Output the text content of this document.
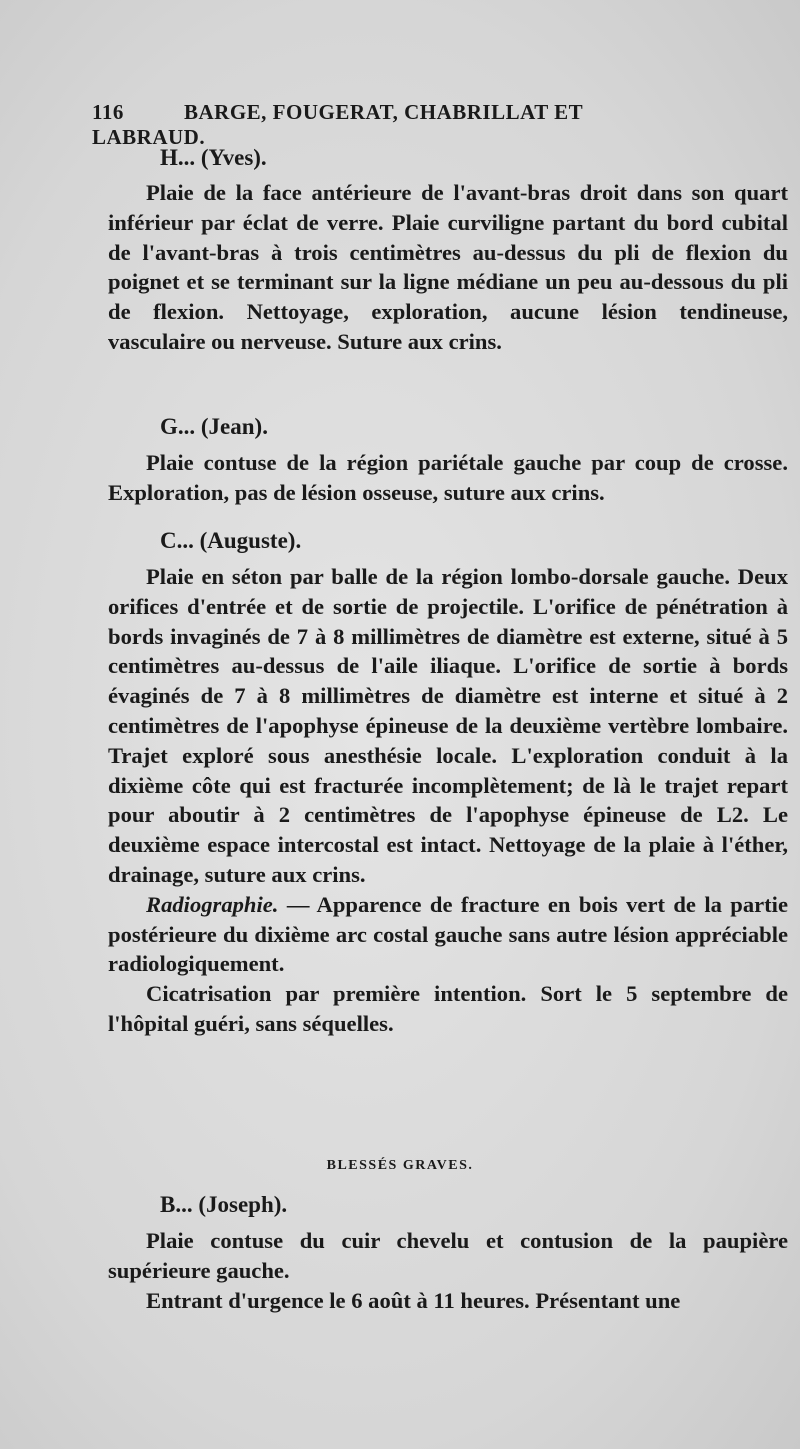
116	BARGE, FOUGERAT, CHABRILLAT ET LABRAUD.
H... (Yves).

Plaie de la face antérieure de l'avant-bras droit dans son quart inférieur par éclat de verre. Plaie curviligne partant du bord cubital de l'avant-bras à trois centimètres au-dessus du pli de flexion du poignet et se terminant sur la ligne médiane un peu au-dessous du pli de flexion. Nettoyage, exploration, aucune lésion tendineuse, vasculaire ou nerveuse. Suture aux crins.

G... (Jean).

Plaie contuse de la région pariétale gauche par coup de crosse. Exploration, pas de lésion osseuse, suture aux crins.

C... (Auguste).

Plaie en séton par balle de la région lombo-dorsale gauche. Deux orifices d'entrée et de sortie de projectile. L'orifice de pénétration à bords invaginés de 7 à 8 millimètres de diamètre est externe, situé à 5 centimètres au-dessus de l'aile iliaque. L'orifice de sortie à bords évaginés de 7 à 8 millimètres de diamètre est interne et situé à 2 centimètres de l'apophyse épineuse de la deuxième vertèbre lombaire. Trajet exploré sous anesthésie locale. L'exploration conduit à la dixième côte qui est fracturée incomplètement; de là le trajet repart pour aboutir à 2 centimètres de l'apophyse épineuse de L2. Le deuxième espace intercostal est intact. Nettoyage de la plaie à l'éther, drainage, suture aux crins.

Radiographie. — Apparence de fracture en bois vert de la partie postérieure du dixième arc costal gauche sans autre lésion appréciable radiologiquement.

Cicatrisation par première intention. Sort le 5 septembre de l'hôpital guéri, sans séquelles.

BLESSÉS GRAVES.
B... (Joseph).

Plaie contuse du cuir chevelu et contusion de la paupière supérieure gauche.

Entrant d'urgence le 6 août à 11 heures. Présentant une
